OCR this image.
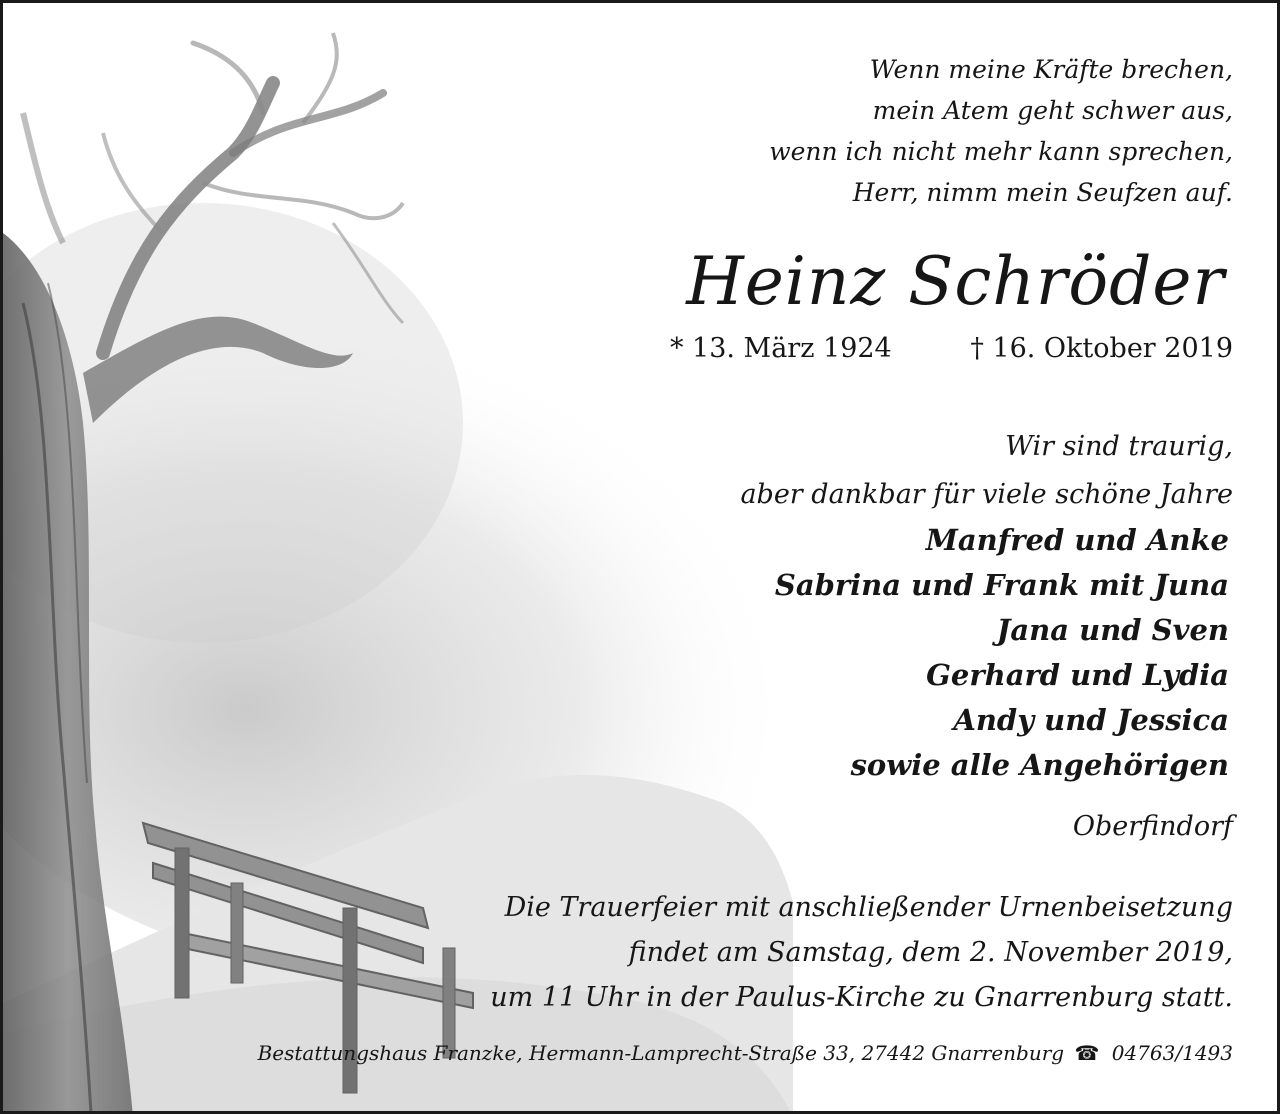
Wenn meine Kräfte brechen,
mein Atem geht schwer aus,
wenn ich nicht mehr kann sprechen,
Herr, nimm mein Seufzen auf.
Heinz Schröder
* 13. März 1924	† 16. Oktober 2019
Wir sind traurig,
aber dankbar für viele schöne Jahre
Manfred und Anke
Sabrina und Frank mit Juna
Jana und Sven
Gerhard und Lydia
Andy und Jessica
sowie alle Angehörigen
Oberfindorf
Die Trauerfeier mit anschließender Urnenbeisetzung
findet am Samstag, dem 2. November 2019,
um 11 Uhr in der Paulus-Kirche zu Gnarrenburg statt.
Bestattungshaus Franzke, Hermann-Lamprecht-Straße 33, 27442 Gnarrenburg ☎ 04763/1493
